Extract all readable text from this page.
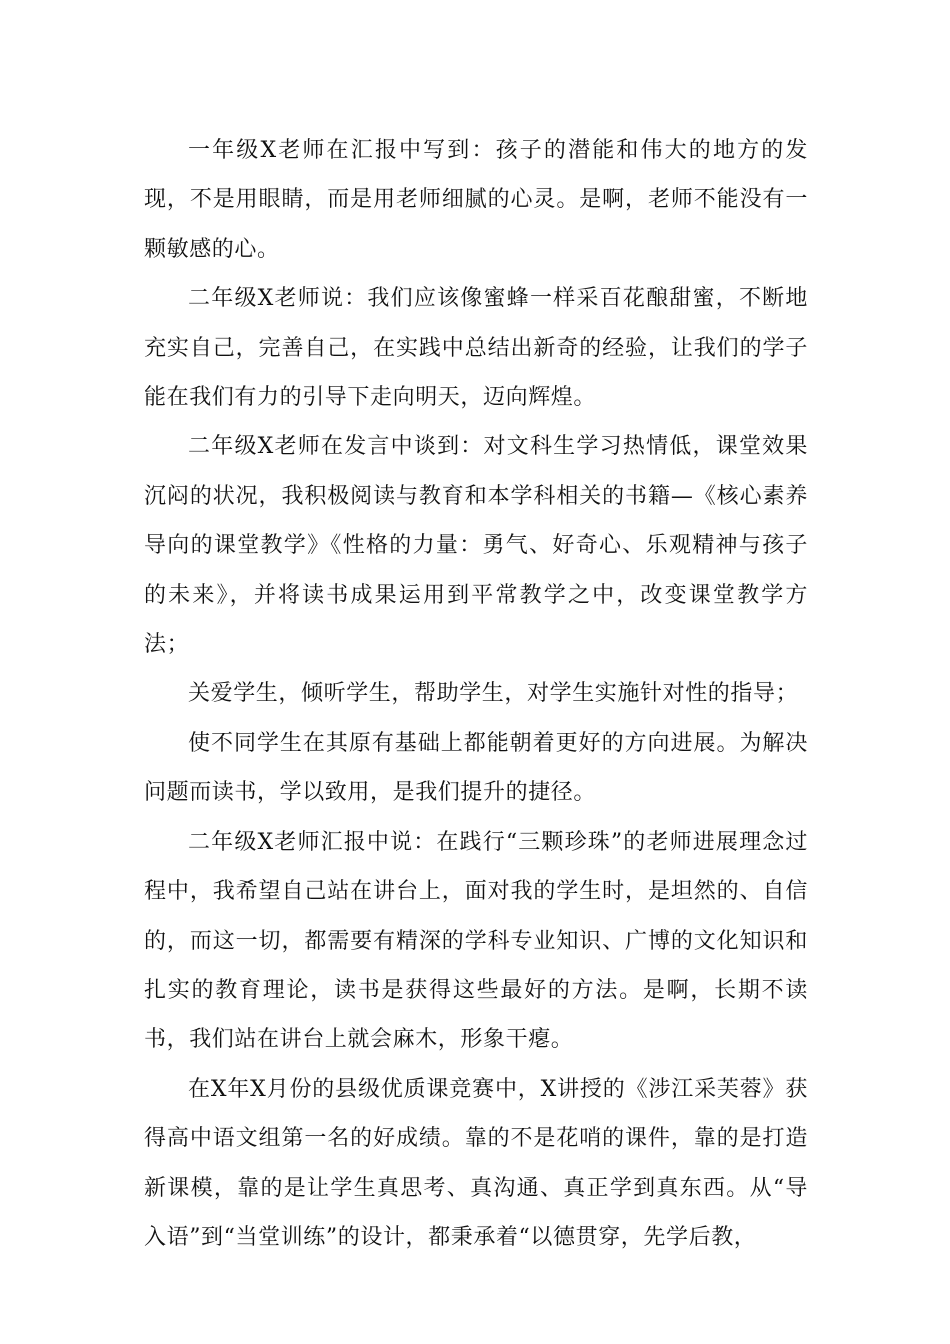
一年级X老师在汇报中写到：孩子的潜能和伟大的地方的发现，不是用眼睛，而是用老师细腻的心灵。是啊，老师不能没有一颗敏感的心。

二年级X老师说：我们应该像蜜蜂一样采百花酿甜蜜，不断地充实自己，完善自己，在实践中总结出新奇的经验，让我们的学子能在我们有力的引导下走向明天，迈向辉煌。

二年级X老师在发言中谈到：对文科生学习热情低，课堂效果沉闷的状况，我积极阅读与教育和本学科相关的书籍—《核心素养导向的课堂教学》《性格的力量：勇气、好奇心、乐观精神与孩子的未来》，并将读书成果运用到平常教学之中，改变课堂教学方法；

关爱学生，倾听学生，帮助学生，对学生实施针对性的指导；

使不同学生在其原有基础上都能朝着更好的方向进展。为解决问题而读书，学以致用，是我们提升的捷径。

二年级X老师汇报中说：在践行“三颗珍珠”的老师进展理念过程中，我希望自己站在讲台上，面对我的学生时，是坦然的、自信的，而这一切，都需要有精深的学科专业知识、广博的文化知识和扎实的教育理论，读书是获得这些最好的方法。是啊，长期不读书，我们站在讲台上就会麻木，形象干瘪。

在X年X月份的县级优质课竞赛中，X讲授的《涉江采芙蓉》获得高中语文组第一名的好成绩。靠的不是花哨的课件，靠的是打造新课模，靠的是让学生真思考、真沟通、真正学到真东西。从“导入语”到“当堂训练”的设计，都秉承着“以德贯穿，先学后教，
